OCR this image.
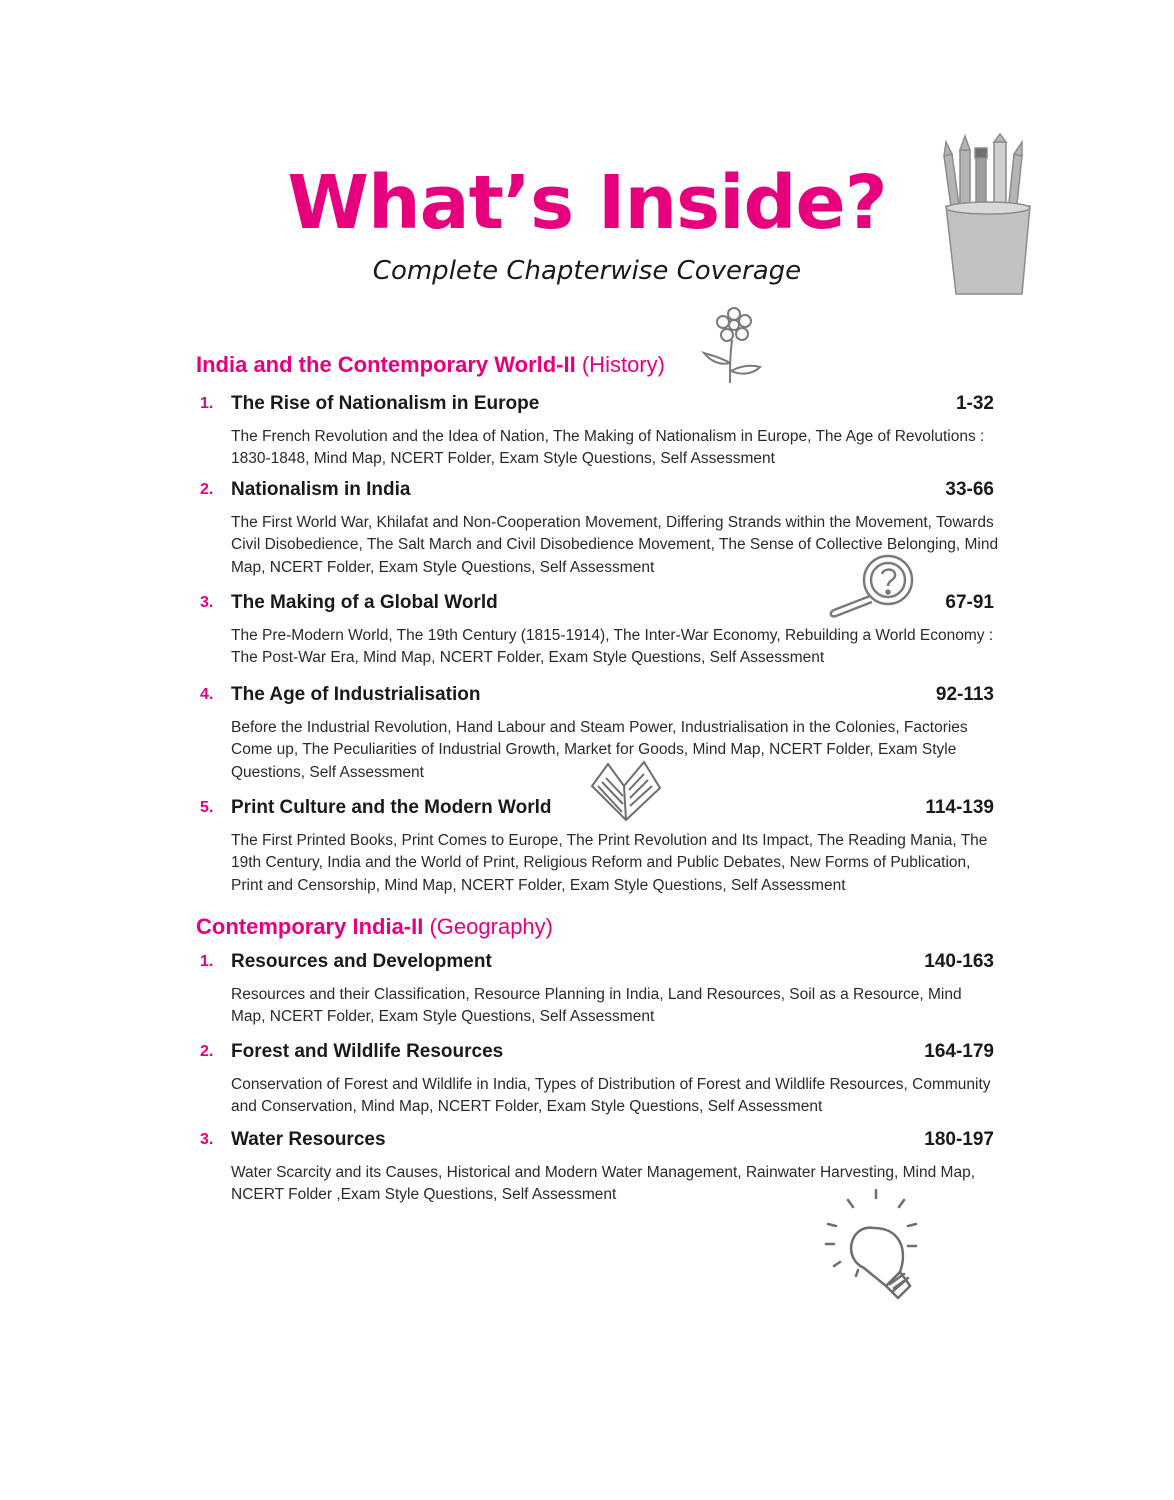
What’s Inside?
Complete Chapterwise Coverage
India and the Contemporary World-II (History)
1. The Rise of Nationalism in Europe	1-32
The French Revolution and the Idea of Nation, The Making of Nationalism in Europe, The Age of Revolutions : 1830-1848, Mind Map, NCERT Folder, Exam Style Questions, Self Assessment
2. Nationalism in India	33-66
The First World War, Khilafat and Non-Cooperation Movement, Differing Strands within the Movement, Towards Civil Disobedience, The Salt March and Civil Disobedience Movement, The Sense of Collective Belonging, Mind Map, NCERT Folder, Exam Style Questions, Self Assessment
3. The Making of a Global World	67-91
The Pre-Modern World, The 19th Century (1815-1914), The Inter-War Economy, Rebuilding a World Economy : The Post-War Era, Mind Map, NCERT Folder, Exam Style Questions, Self Assessment
4. The Age of Industrialisation	92-113
Before the Industrial Revolution, Hand Labour and Steam Power, Industrialisation in the Colonies, Factories Come up, The Peculiarities of Industrial Growth, Market for Goods, Mind Map, NCERT Folder, Exam Style Questions, Self Assessment
5. Print Culture and the Modern World	114-139
The First Printed Books, Print Comes to Europe, The Print Revolution and Its Impact, The Reading Mania, The 19th Century, India and the World of Print, Religious Reform and Public Debates, New Forms of Publication, Print and Censorship, Mind Map, NCERT Folder, Exam Style Questions, Self Assessment
Contemporary India-II (Geography)
1. Resources and Development	140-163
Resources and their Classification, Resource Planning in India, Land Resources, Soil as a Resource, Mind Map, NCERT Folder, Exam Style Questions, Self Assessment
2. Forest and Wildlife Resources	164-179
Conservation of Forest and Wildlife in India, Types of Distribution of Forest and Wildlife Resources, Community and Conservation, Mind Map, NCERT Folder, Exam Style Questions, Self Assessment
3. Water Resources	180-197
Water Scarcity and its Causes, Historical and Modern Water Management, Rainwater Harvesting, Mind Map, NCERT Folder ,Exam Style Questions, Self Assessment
